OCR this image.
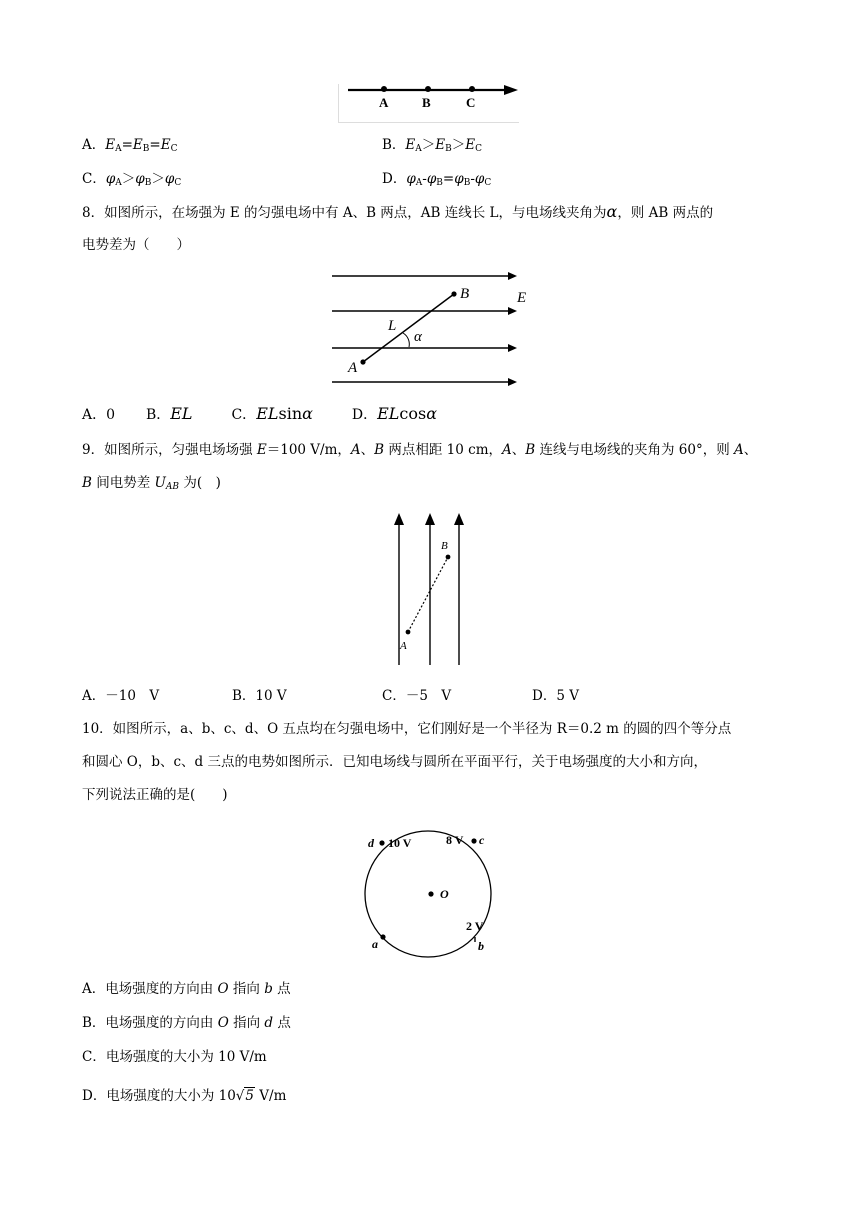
A	B	C
A．$E_A=E_B=E_C$	B．$E_A>E_B>E_C$
C．$\varphi_A>\varphi_B>\varphi_C$	D．$\varphi_A-\varphi_B=\varphi_B-\varphi_C$
8．如图所示，在场强为 E 的匀强电场中有 A、B 两点，AB 连线长 L，与电场线夹角为α，则 AB 两点的
电势差为（　　）
B	E
L
α
A
A．0 B．EL	C．ELsinα	D．ELcosα
9．如图所示，匀强电场场强 E＝100 V/m，A、B 两点相距 10 cm，A、B 连线与电场线的夹角为 60°，则 A、
B 间电势差 $U_{AB}$ 为(　)
B
A
A．－10　V	B．10 V	C．－5　V	D．5 V
10．如图所示，a、b、c、d、O 五点均在匀强电场中，它们刚好是一个半径为 R＝0.2 m 的圆的四个等分点
和圆心 O，b、c、d 三点的电势如图所示．已知电场线与圆所在平面平行，关于电场强度的大小和方向，
下列说法正确的是(　　)
d 10 V	8 V c
O
2 V
b
a
A．电场强度的方向由 O 指向 b 点
B．电场强度的方向由 O 指向 d 点
C．电场强度的大小为 10 V/m
D．电场强度的大小为 10√5 V/m
